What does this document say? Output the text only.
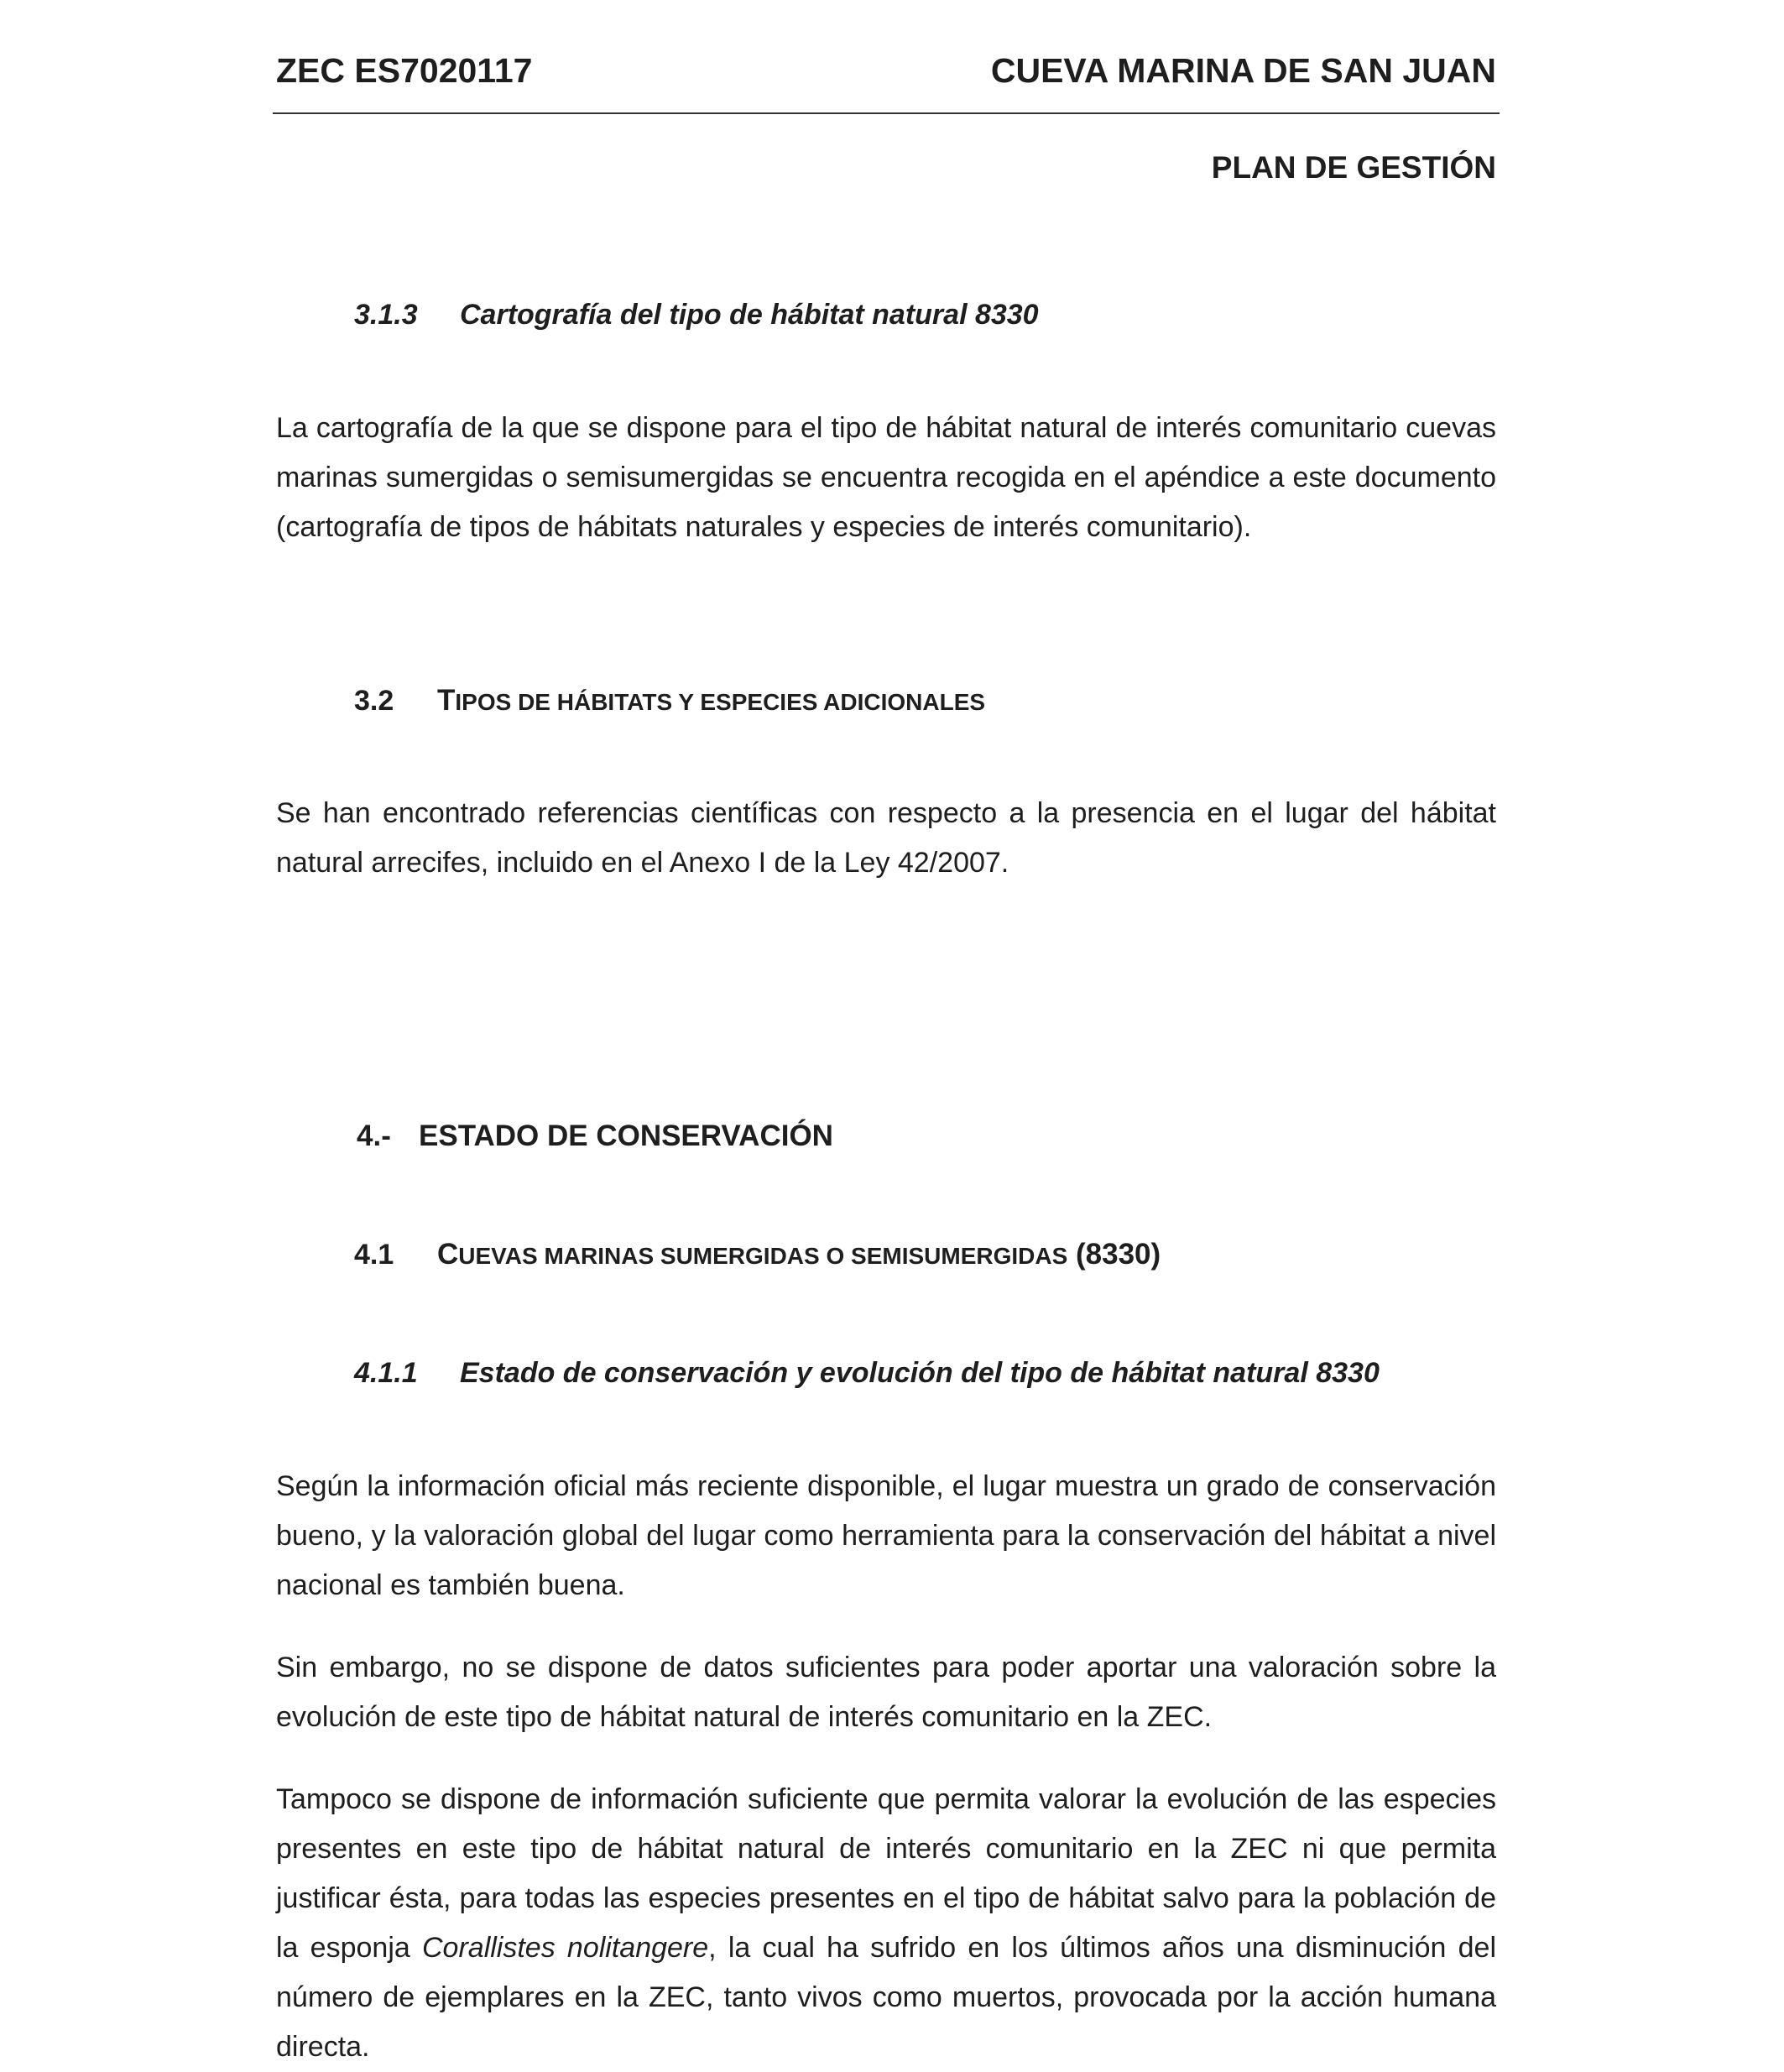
ZEC ES7020117	CUEVA MARINA DE SAN JUAN
PLAN DE GESTIÓN
3.1.3 Cartografía del tipo de hábitat natural 8330

La cartografía de la que se dispone para el tipo de hábitat natural de interés comunitario cuevas marinas sumergidas o semisumergidas se encuentra recogida en el apéndice a este documento (cartografía de tipos de hábitats naturales y especies de interés comunitario).

3.2 TIPOS DE HÁBITATS Y ESPECIES ADICIONALES

Se han encontrado referencias científicas con respecto a la presencia en el lugar del hábitat natural arrecifes, incluido en el Anexo I de la Ley 42/2007.

4.- ESTADO DE CONSERVACIÓN
4.1 CUEVAS MARINAS SUMERGIDAS O SEMISUMERGIDAS (8330)
4.1.1 Estado de conservación y evolución del tipo de hábitat natural 8330

Según la información oficial más reciente disponible, el lugar muestra un grado de conservación bueno, y la valoración global del lugar como herramienta para la conservación del hábitat a nivel nacional es también buena.

Sin embargo, no se dispone de datos suficientes para poder aportar una valoración sobre la evolución de este tipo de hábitat natural de interés comunitario en la ZEC.

Tampoco se dispone de información suficiente que permita valorar la evolución de las especies presentes en este tipo de hábitat natural de interés comunitario en la ZEC ni que permita justificar ésta, para todas las especies presentes en el tipo de hábitat salvo para la población de la esponja Corallistes nolitangere, la cual ha sufrido en los últimos años una disminución del número de ejemplares en la ZEC, tanto vivos como muertos, provocada por la acción humana directa.
